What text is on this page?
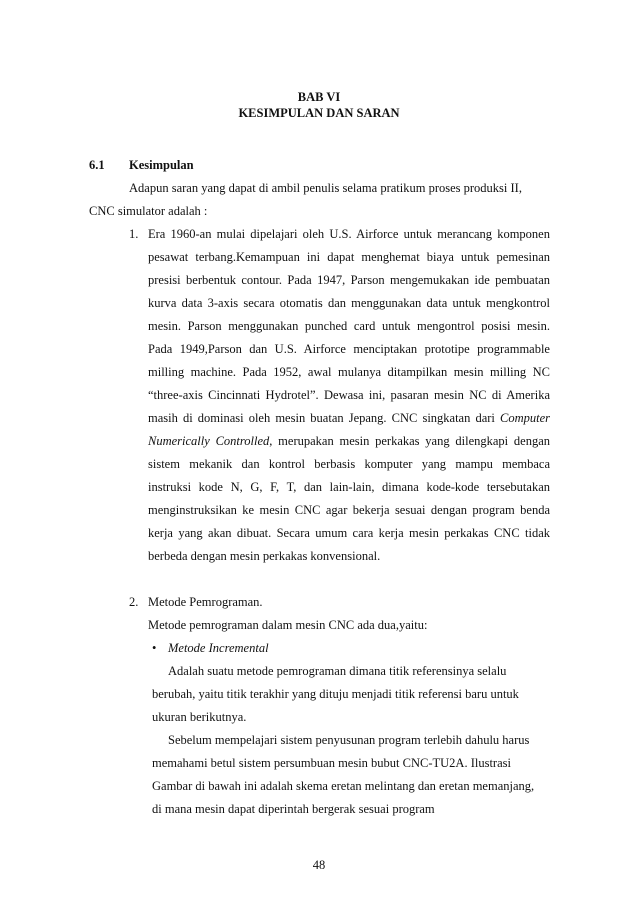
BAB VI
KESIMPULAN DAN SARAN
6.1 Kesimpulan
Adapun saran yang dapat di ambil penulis selama pratikum proses produksi II,
CNC simulator adalah :
1. Era 1960-an mulai dipelajari oleh U.S. Airforce untuk merancang komponen
pesawat terbang.Kemampuan ini dapat menghemat biaya untuk pemesinan
presisi berbentuk contour. Pada 1947, Parson mengemukakan ide pembuatan
kurva data 3-axis secara otomatis dan menggunakan data untuk mengkontrol
mesin. Parson menggunakan punched card untuk mengontrol posisi mesin.
Pada 1949,Parson dan U.S. Airforce menciptakan prototipe programmable
milling machine. Pada 1952, awal mulanya ditampilkan mesin milling NC
“three-axis Cincinnati Hydrotel”. Dewasa ini, pasaran mesin NC di Amerika
masih di dominasi oleh mesin buatan Jepang. CNC singkatan dari Computer
Numerically Controlled, merupakan mesin perkakas yang dilengkapi dengan
sistem mekanik dan kontrol berbasis komputer yang mampu membaca
instruksi kode N, G, F, T, dan lain-lain, dimana kode-kode tersebutakan
menginstruksikan ke mesin CNC agar bekerja sesuai dengan program benda
kerja yang akan dibuat. Secara umum cara kerja mesin perkakas CNC tidak
berbeda dengan mesin perkakas konvensional.
2. Metode Pemrograman.
Metode pemrograman dalam mesin CNC ada dua,yaitu:
• Metode Incremental
Adalah suatu metode pemrograman dimana titik referensinya selalu
berubah, yaitu titik terakhir yang dituju menjadi titik referensi baru untuk
ukuran berikutnya.
Sebelum mempelajari sistem penyusunan program terlebih dahulu harus
memahami betul sistem persumbuan mesin bubut CNC-TU2A. Ilustrasi
Gambar di bawah ini adalah skema eretan melintang dan eretan memanjang,
di mana mesin dapat diperintah bergerak sesuai program
48
